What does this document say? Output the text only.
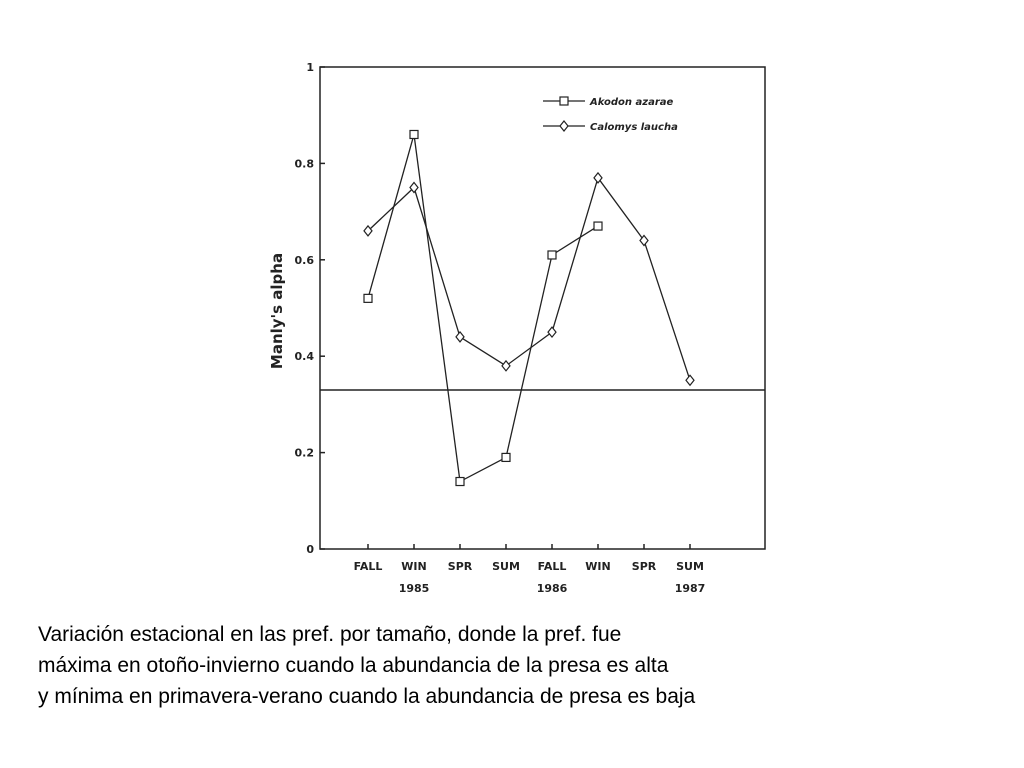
0
0.2
0.4
0.6
0.8
1
FALL WIN SPR SUM FALL WIN SPR SUM
1985	1986	1987
Akodon azarae
Calomys laucha
Manly's alpha
Variación estacional en las pref. por tamaño, donde la pref. fue
máxima en otoño-invierno cuando la abundancia de la presa es alta
y mínima en primavera-verano cuando la abundancia de presa es baja
